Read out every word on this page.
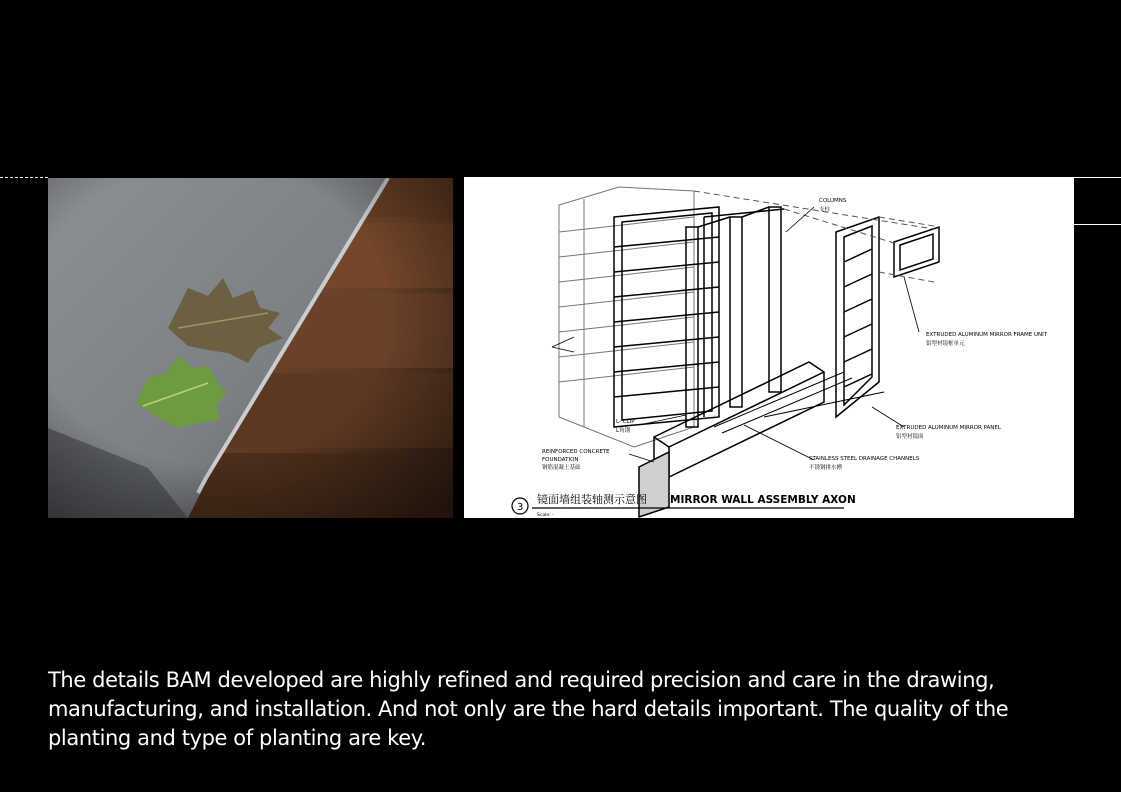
COLUMNS
支柱
EXTRUDED ALUMINUM MIRROR FRAME UNIT
铝型材镜框单元
EXTRUDED ALUMINUM MIRROR PANEL
铝型材镜面
L- CLIP
L角钢
REINFORCED CONCRETE
FOUNDATION
钢筋混凝土基础
STAINLESS STEEL DRAINAGE CHANNELS
不锈钢排水槽
3
镜面墙组装轴测示意图 MIRROR WALL ASSEMBLY AXON
Scale: -
The details BAM developed are highly refined and required precision and care in the drawing,
manufacturing, and installation. And not only are the hard details important. The quality of the
planting and type of planting are key.
